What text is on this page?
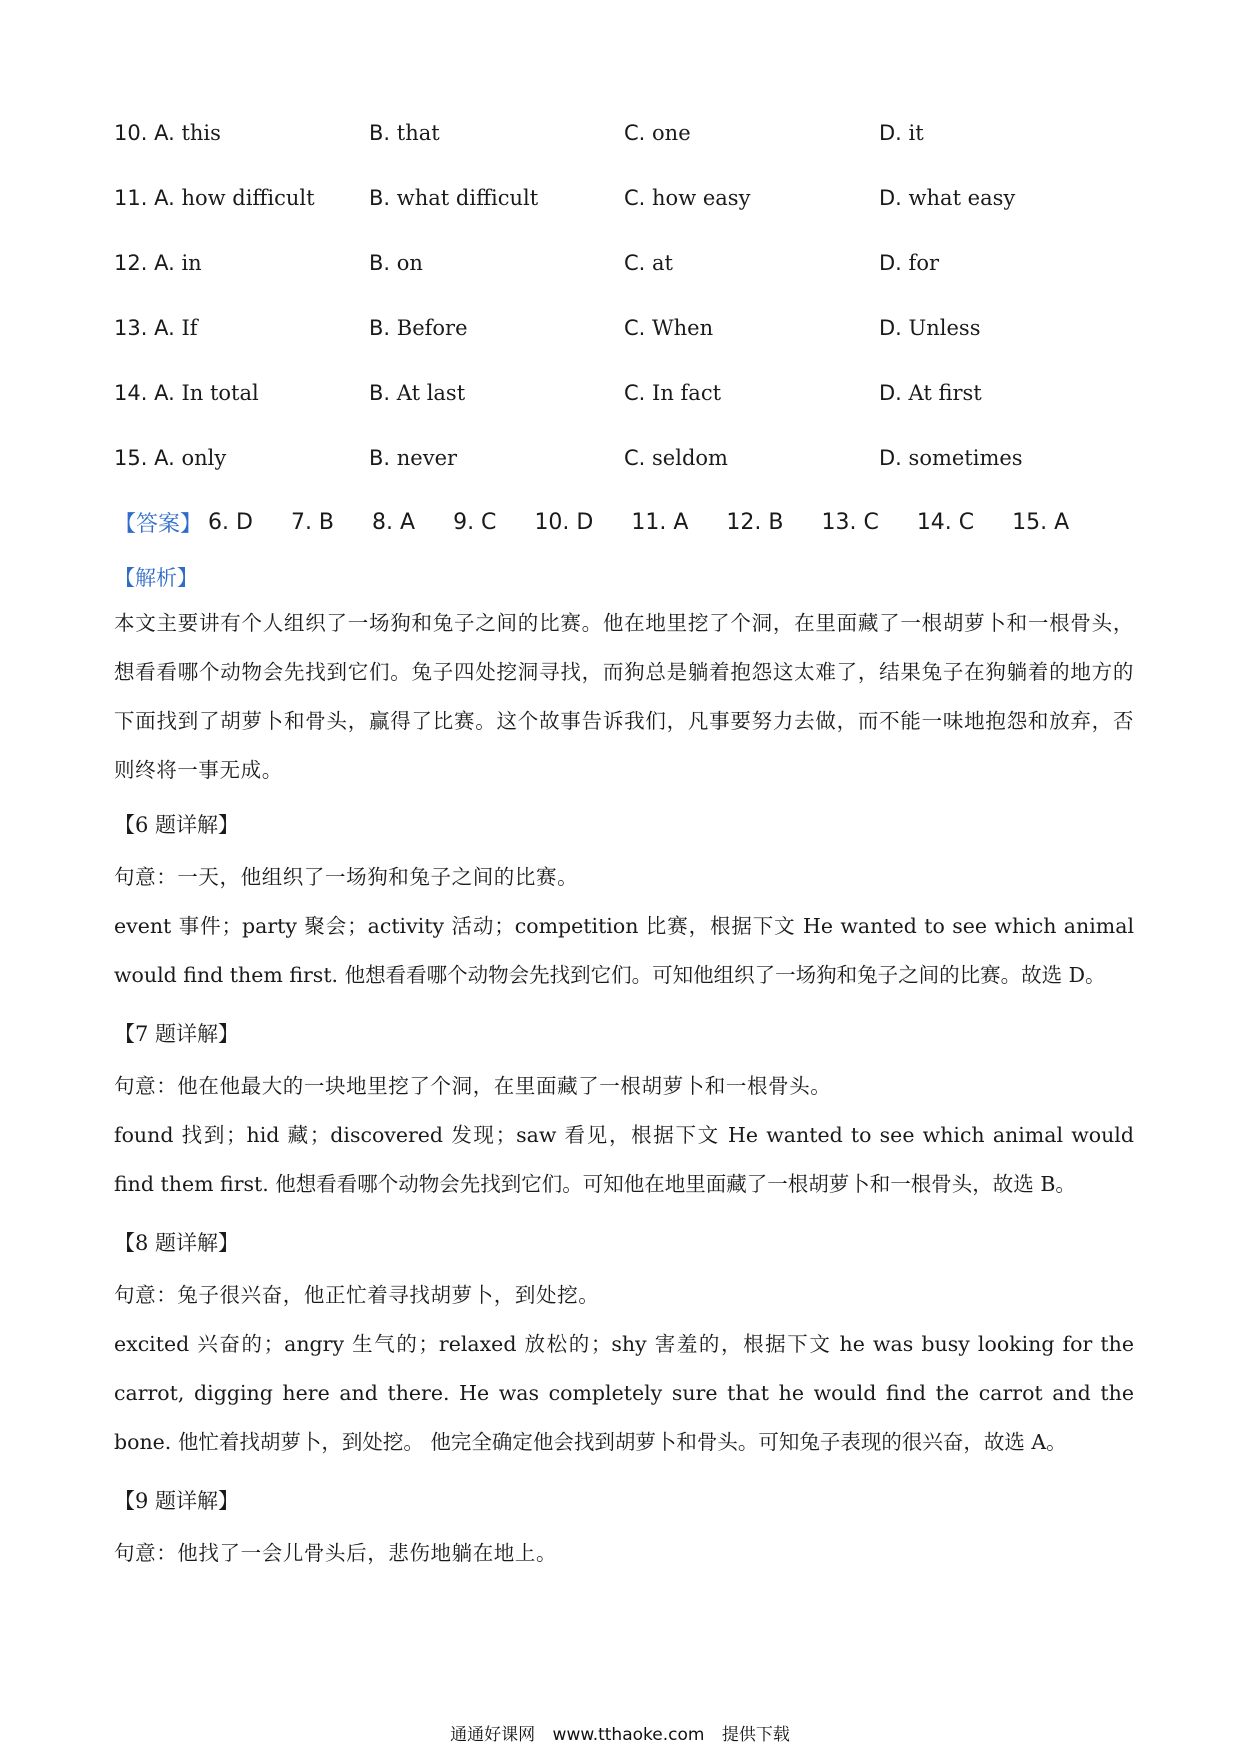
10. A. this	B. that	C. one	D. it
11. A. how difficult	B. what difficult	C. how easy	D. what easy
12. A. in	B. on	C. at	D. for
13. A. If	B. Before	C. When	D. Unless
14. A. In total	B. At last	C. In fact	D. At first
15. A. only	B. never	C. seldom	D. sometimes
【答案】 6. D 7. B 8. A 9. C 10. D 11. A 12. B 13. C 14. C 15. A
【解析】

本文主要讲有个人组织了一场狗和兔子之间的比赛。他在地里挖了个洞，在里面藏了一根胡萝卜和一根骨头，想看看哪个动物会先找到它们。兔子四处挖洞寻找，而狗总是躺着抱怨这太难了，结果兔子在狗躺着的地方的下面找到了胡萝卜和骨头，赢得了比赛。这个故事告诉我们，凡事要努力去做，而不能一味地抱怨和放弃，否则终将一事无成。

【6 题详解】

句意：一天，他组织了一场狗和兔子之间的比赛。

event 事件；party 聚会；activity 活动；competition 比赛，根据下文 He wanted to see which animal would find them first. 他想看看哪个动物会先找到它们。可知他组织了一场狗和兔子之间的比赛。故选 D。

【7 题详解】

句意：他在他最大的一块地里挖了个洞，在里面藏了一根胡萝卜和一根骨头。

found 找到；hid 藏；discovered 发现；saw 看见，根据下文 He wanted to see which animal would find them first. 他想看看哪个动物会先找到它们。可知他在地里面藏了一根胡萝卜和一根骨头，故选 B。

【8 题详解】

句意：兔子很兴奋，他正忙着寻找胡萝卜，到处挖。

excited 兴奋的；angry 生气的；relaxed 放松的；shy 害羞的，根据下文 he was busy looking for the carrot, digging here and there. He was completely sure that he would find the carrot and the bone. 他忙着找胡萝卜，到处挖。 他完全确定他会找到胡萝卜和骨头。可知兔子表现的很兴奋，故选 A。

【9 题详解】

句意：他找了一会儿骨头后，悲伤地躺在地上。

通通好课网 www.tthaoke.com 提供下载
